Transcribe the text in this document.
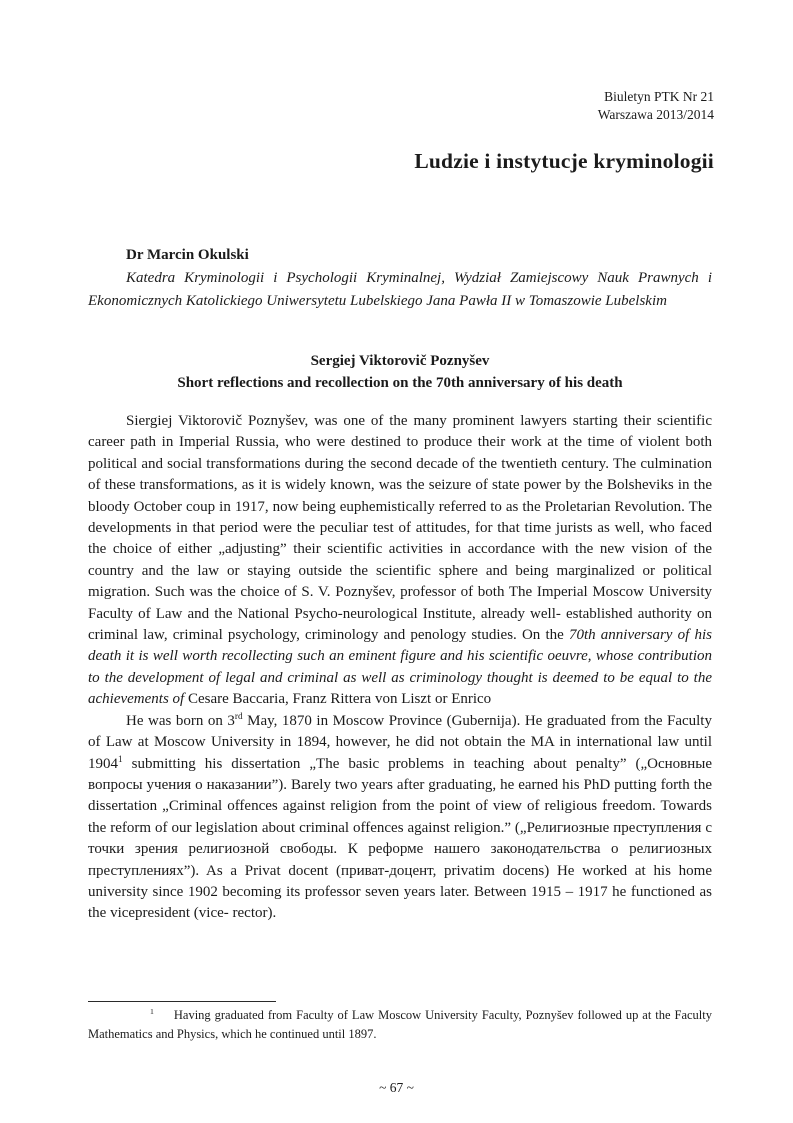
Biuletyn PTK Nr 21
Warszawa 2013/2014
Ludzie i instytucje kryminologii
Dr Marcin Okulski
Katedra Kryminologii i Psychologii Kryminalnej, Wydział Zamiejscowy Nauk Prawnych i Ekonomicznych Katolickiego Uniwersytetu Lubelskiego Jana Pawła II w Tomaszowie Lubelskim
Sergiej Viktorovič Poznyšev
Short reflections and recollection on the 70th anniversary of his death

Siergiej Viktorovič Poznyšev, was one of the many prominent lawyers starting their scientific career path in Imperial Russia, who were destined to produce their work at the time of violent both political and social transformations during the second decade of the twentieth century. The culmination of these transformations, as it is widely known, was the seizure of state power by the Bolsheviks in the bloody October coup in 1917, now being euphemistically referred to as the Proletarian Revolution. The developments in that period were the peculiar test of attitudes, for that time jurists as well, who faced the choice of either „adjusting” their scientific activities in accordance with the new vision of the country and the law or staying outside the scientific sphere and being marginalized or political migration. Such was the choice of S. V. Poznyšev, professor of both The Imperial Moscow University Faculty of Law and the National Psycho-neurological Institute, already well- established authority on criminal law, criminal psychology, criminology and penology studies. On the 70th anniversary of his death it is well worth recollecting such an eminent figure and his scientific oeuvre, whose contribution to the development of legal and criminal as well as criminology thought is deemed to be equal to the achievements of Cesare Baccaria, Franz Rittera von Liszt or Enrico

He was born on 3rd May, 1870 in Moscow Province (Gubernija). He graduated from the Faculty of Law at Moscow University in 1894, however, he did not obtain the MA in international law until 1904$^1$ submitting his dissertation „The basic problems in teaching about penalty” („Основные вопросы учения о наказании”). Barely two years after graduating, he earned his PhD putting forth the dissertation „Criminal offences against religion from the point of view of religious freedom. Towards the reform of our legislation about criminal offences against religion.” („Религиозные преступления с точки зрения религиозной свободы. К реформе нашего законодательства о религиозных преступлениях”). As a Privat docent (приват-доцент, privatim docens) He worked at his home university since 1902 becoming its professor seven years later. Between 1915 – 1917 he functioned as the vicepresident (vice- rector).

$^1$ Having graduated from Faculty of Law Moscow University Faculty, Poznyšev followed up at the Faculty Mathematics and Physics, which he continued until 1897.

~ 67 ~
